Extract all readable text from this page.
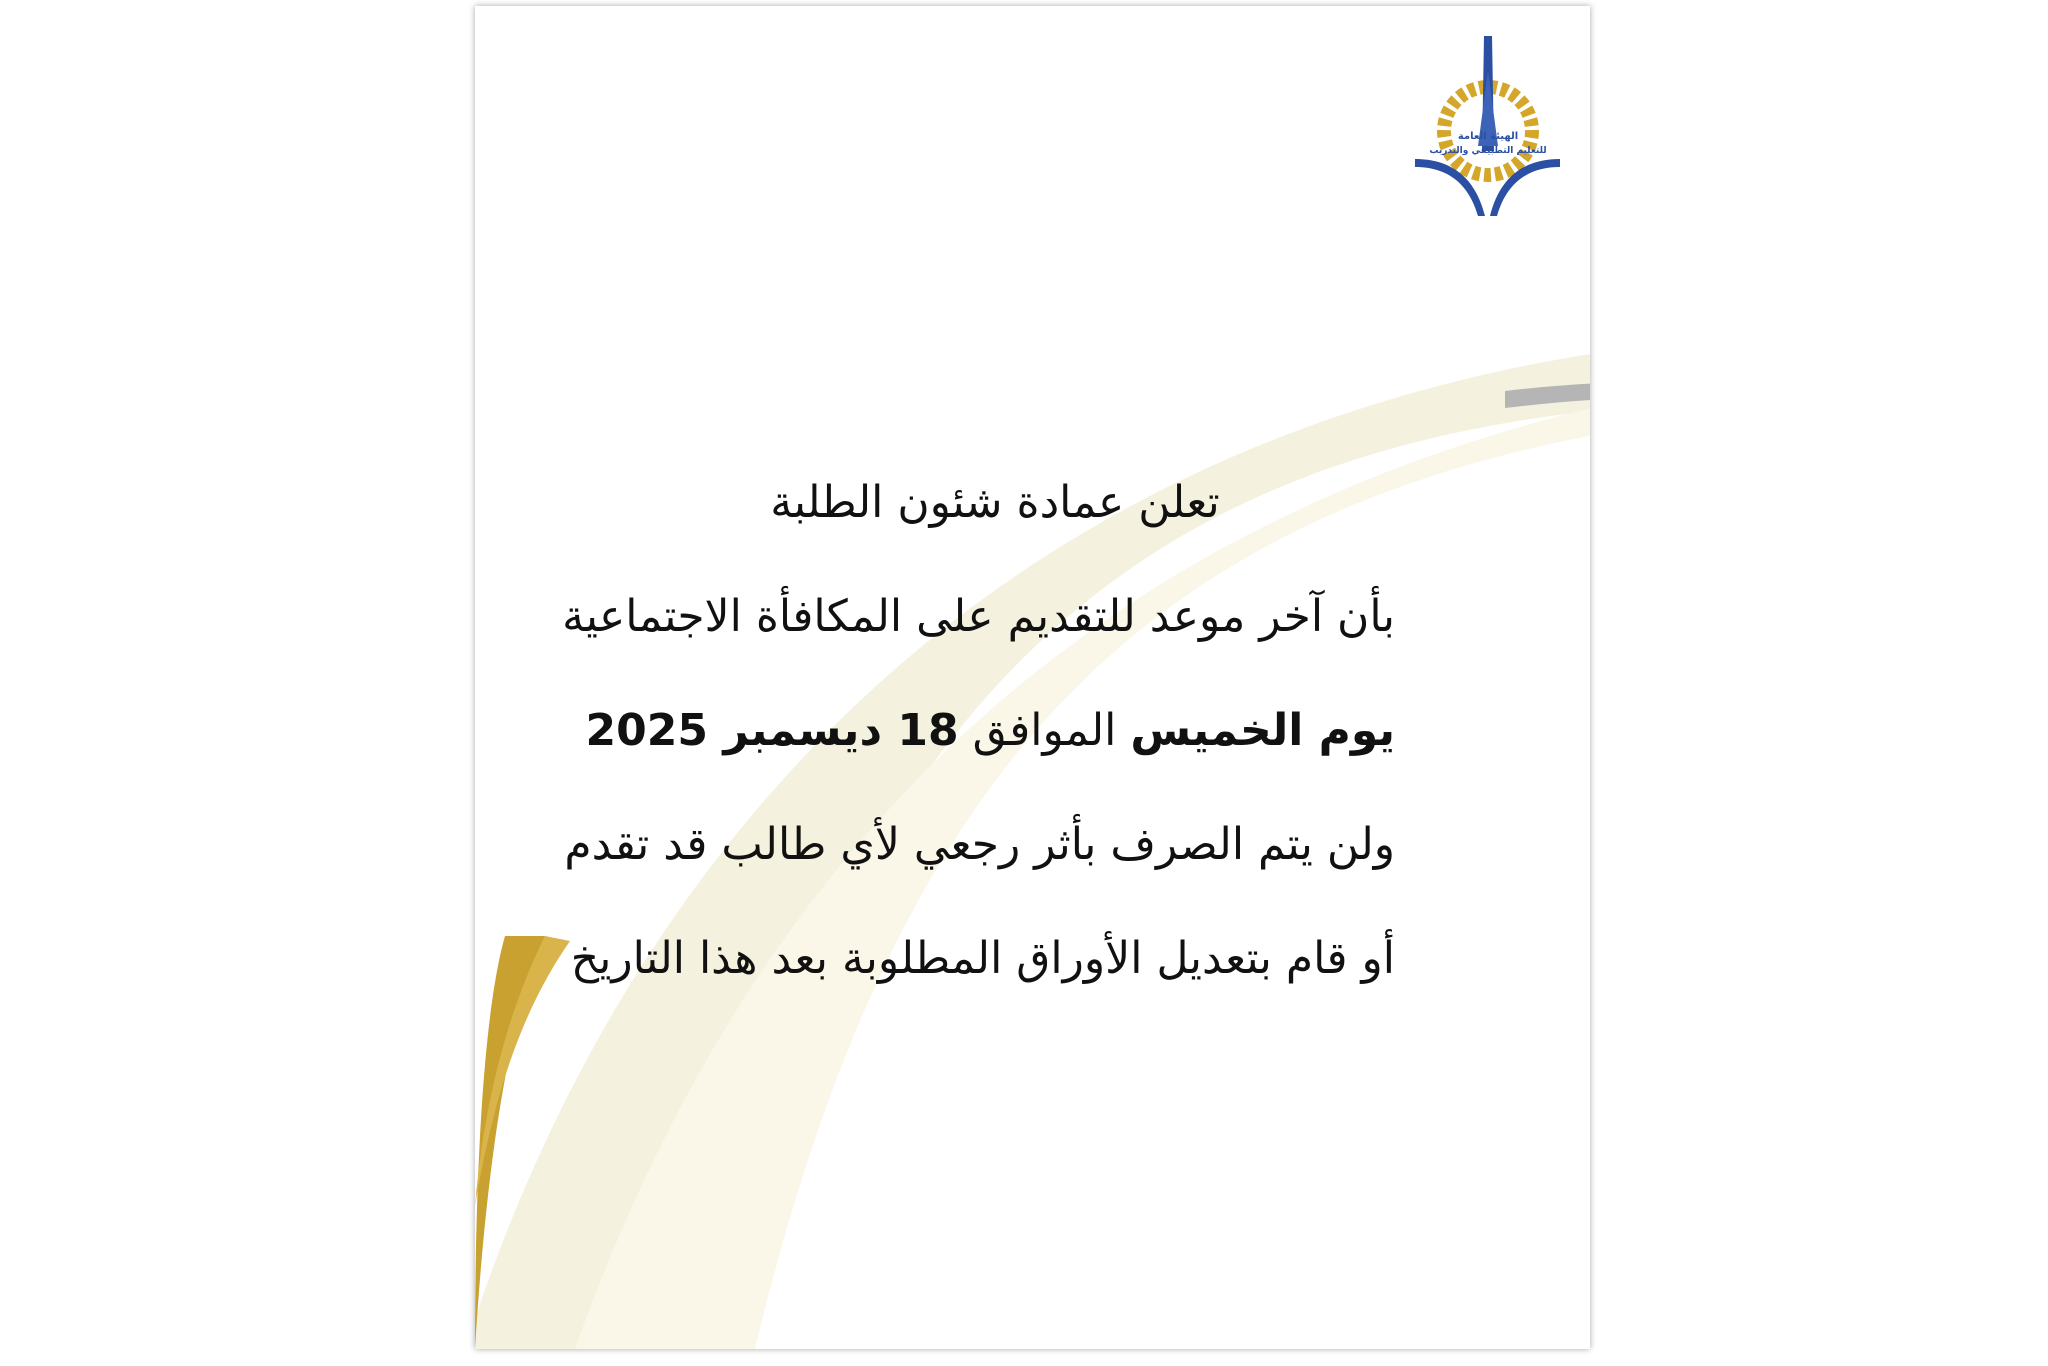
الهيئة العامة
للتعليم التطبيقي والتدريب
تعلن عمادة شئون الطلبة
بأن آخر موعد للتقديم على المكافأة الاجتماعية
يوم الخميس الموافق 18 ديسمبر 2025
ولن يتم الصرف بأثر رجعي لأي طالب قد تقدم
أو قام بتعديل الأوراق المطلوبة بعد هذا التاريخ
